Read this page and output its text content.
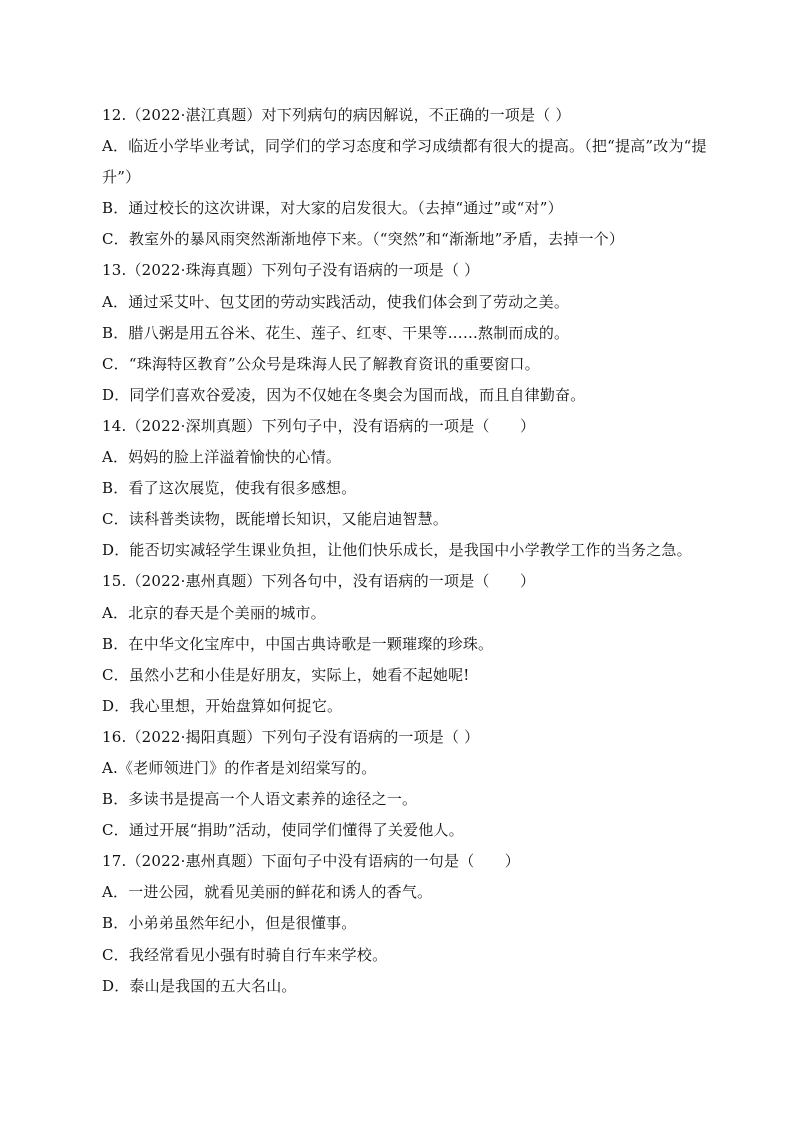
12.（2022·湛江真题）对下列病句的病因解说，不正确的一项是（ ）
A．临近小学毕业考试，同学们的学习态度和学习成绩都有很大的提高。（把“提高”改为“提升”）
B．通过校长的这次讲课，对大家的启发很大。（去掉“通过”或“对”）
C．教室外的暴风雨突然渐渐地停下来。（“突然”和“渐渐地”矛盾，去掉一个）
13.（2022·珠海真题）下列句子没有语病的一项是（ ）
A．通过采艾叶、包艾团的劳动实践活动，使我们体会到了劳动之美。
B．腊八粥是用五谷米、花生、莲子、红枣、干果等……熬制而成的。
C．“珠海特区教育”公众号是珠海人民了解教育资讯的重要窗口。
D．同学们喜欢谷爱凌，因为不仅她在冬奥会为国而战，而且自律勤奋。
14.（2022·深圳真题）下列句子中，没有语病的一项是（　　）
A．妈妈的脸上洋溢着愉快的心情。
B．看了这次展览，使我有很多感想。
C．读科普类读物，既能增长知识，又能启迪智慧。
D．能否切实减轻学生课业负担，让他们快乐成长，是我国中小学教学工作的当务之急。
15.（2022·惠州真题）下列各句中，没有语病的一项是（　　）
A．北京的春天是个美丽的城市。
B．在中华文化宝库中，中国古典诗歌是一颗璀璨的珍珠。
C．虽然小艺和小佳是好朋友，实际上，她看不起她呢!
D．我心里想，开始盘算如何捉它。
16.（2022·揭阳真题）下列句子没有语病的一项是（ ）
A.《老师领进门》的作者是刘绍棠写的。
B．多读书是提高一个人语文素养的途径之一。
C．通过开展“捐助”活动，使同学们懂得了关爱他人。
17.（2022·惠州真题）下面句子中没有语病的一句是（　　）
A．一进公园，就看见美丽的鲜花和诱人的香气。
B．小弟弟虽然年纪小，但是很懂事。
C．我经常看见小强有时骑自行车来学校。
D．泰山是我国的五大名山。
